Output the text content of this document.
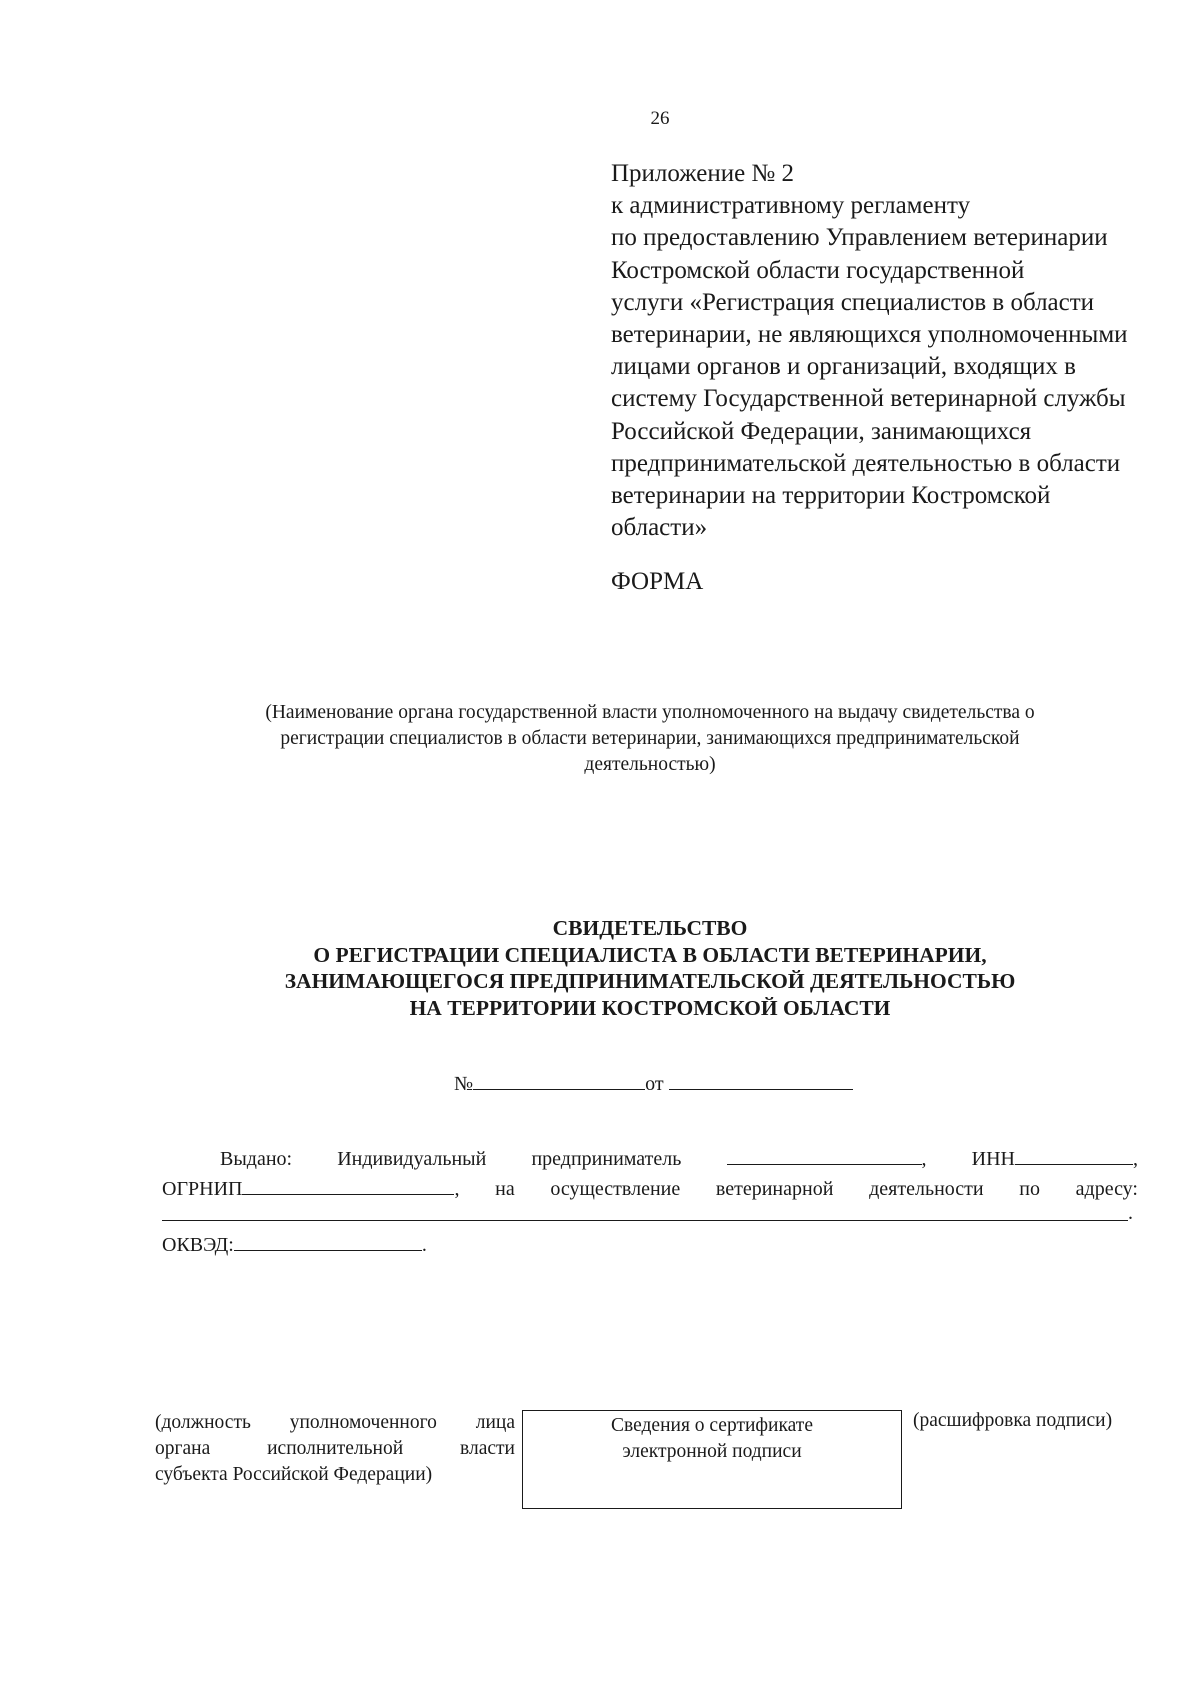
26
Приложение № 2
к административному регламенту
по предоставлению Управлением ветеринарии
Костромской области государственной
услуги «Регистрация специалистов в области
ветеринарии, не являющихся уполномоченными
лицами органов и организаций, входящих в
систему Государственной ветеринарной службы
Российской Федерации, занимающихся
предпринимательской деятельностью в области
ветеринарии на территории Костромской
области»
ФОРМА
(Наименование органа государственной власти уполномоченного на выдачу свидетельства о
регистрации специалистов в области ветеринарии, занимающихся предпринимательской
деятельностью)
СВИДЕТЕЛЬСТВО
О РЕГИСТРАЦИИ СПЕЦИАЛИСТА В ОБЛАСТИ ВЕТЕРИНАРИИ,
ЗАНИМАЮЩЕГОСЯ ПРЕДПРИНИМАТЕЛЬСКОЙ ДЕЯТЕЛЬНОСТЬЮ
НА ТЕРРИТОРИИ КОСТРОМСКОЙ ОБЛАСТИ
№	от
Выдано: Индивидуальный предприниматель	, ИНН	,
ОГРНИП	, на осуществление ветеринарной деятельности по адресу:
.
ОКВЭД:	.
(должность уполномоченного лица
органа исполнительной власти
субъекта Российской Федерации)
Сведения о сертификате
электронной подписи
(расшифровка подписи)
